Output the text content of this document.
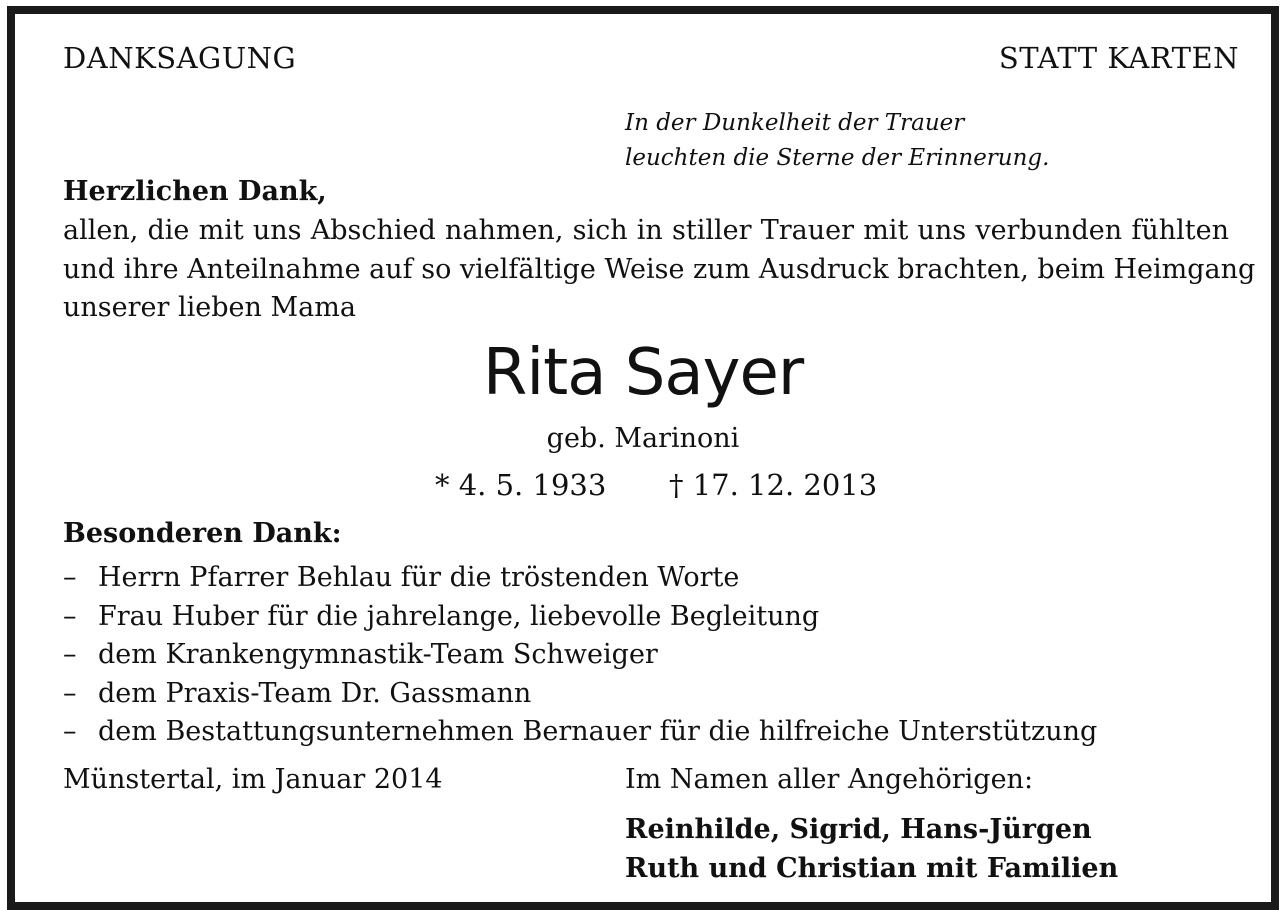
DANKSAGUNG	STATT KARTEN

In der Dunkelheit der Trauer
leuchten die Sterne der Erinnerung.

Herzlichen Dank,

allen, die mit uns Abschied nahmen, sich in stiller Trauer mit uns verbunden fühlten
und ihre Anteilnahme auf so vielfältige Weise zum Ausdruck brachten, beim Heimgang
unserer lieben Mama

Rita Sayer

geb. Marinoni

* 4. 5. 1933 † 17. 12. 2013

Besonderen Dank:

– Herrn Pfarrer Behlau für die tröstenden Worte
– Frau Huber für die jahrelange, liebevolle Begleitung
– dem Krankengymnastik-Team Schweiger
– dem Praxis-Team Dr. Gassmann
– dem Bestattungsunternehmen Bernauer für die hilfreiche Unterstützung

Münstertal, im Januar 2014	Im Namen aller Angehörigen:

Reinhilde, Sigrid, Hans-Jürgen
Ruth und Christian mit Familien
